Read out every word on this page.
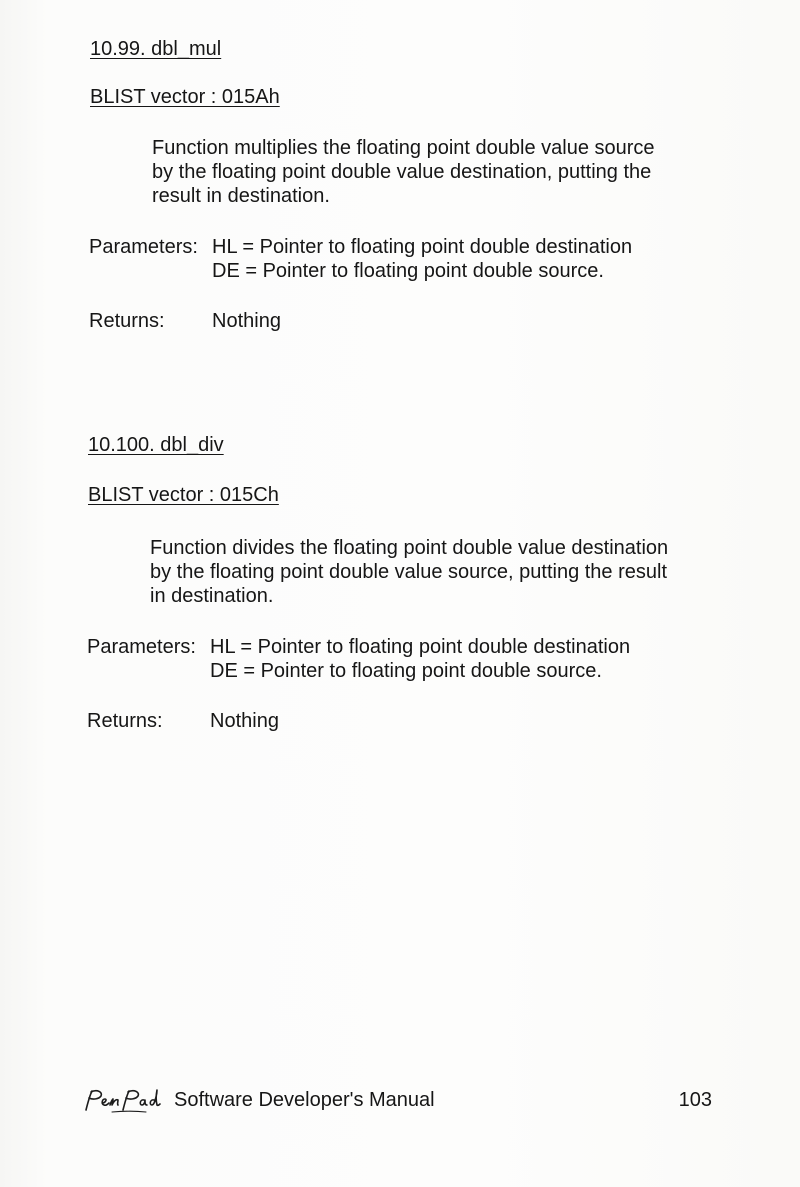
10.99. dbl_mul
BLIST vector : 015Ah
Function multiplies the floating point double value source
by the floating point double value destination, putting the
result in destination.
Parameters: HL = Pointer to floating point double destination
DE = Pointer to floating point double source.
Returns: Nothing
10.100. dbl_div
BLIST vector : 015Ch
Function divides the floating point double value destination
by the floating point double value source, putting the result
in destination.
Parameters: HL = Pointer to floating point double destination
DE = Pointer to floating point double source.
Returns: Nothing
Software Developer's Manual	103
